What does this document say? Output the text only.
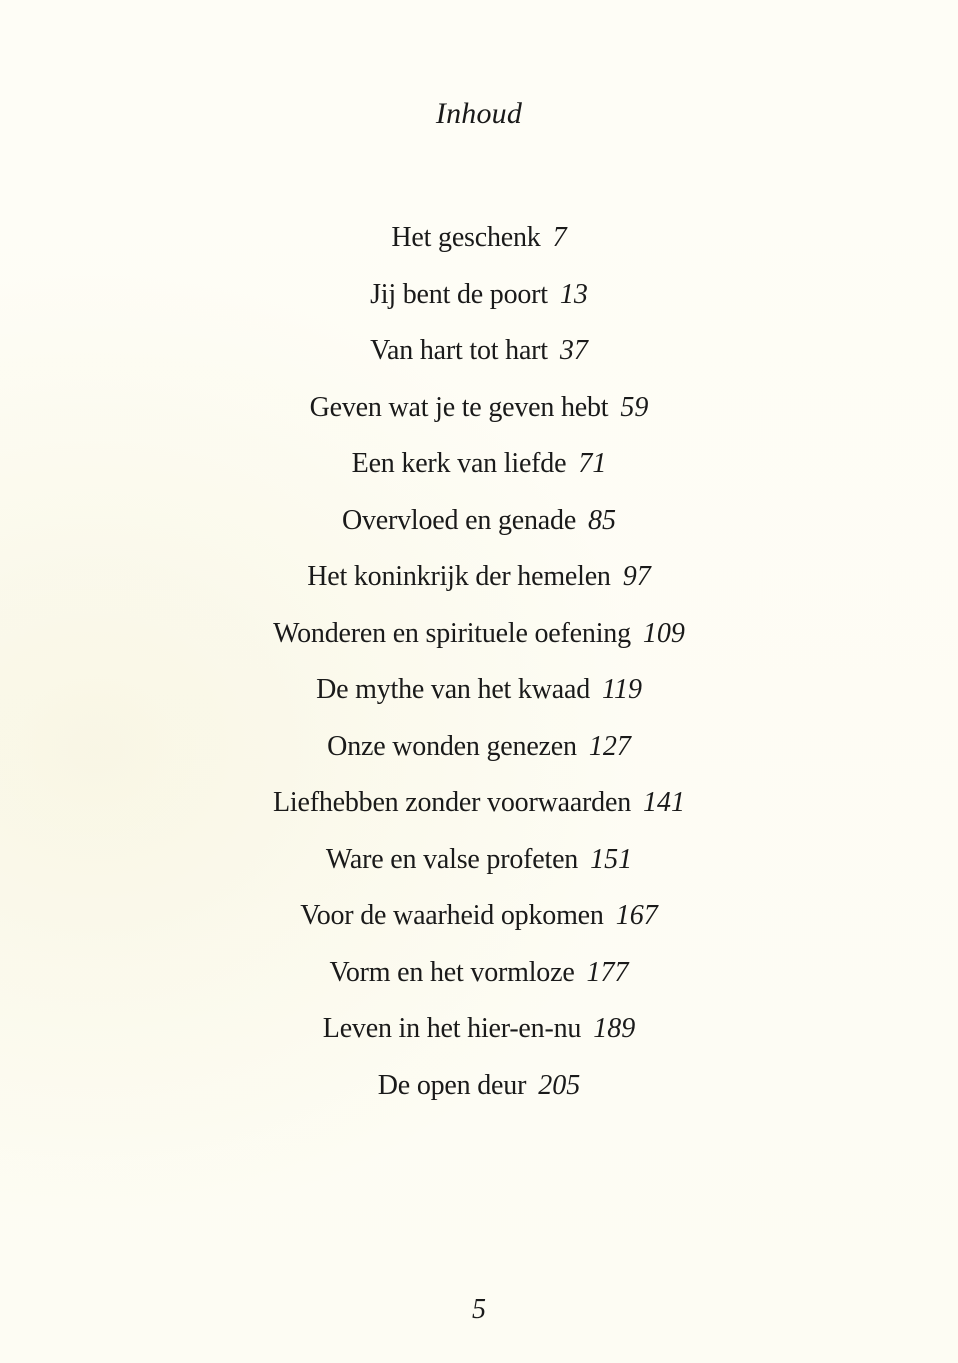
Inhoud
Het geschenk 7
Jij bent de poort 13
Van hart tot hart 37
Geven wat je te geven hebt 59
Een kerk van liefde 71
Overvloed en genade 85
Het koninkrijk der hemelen 97
Wonderen en spirituele oefening 109
De mythe van het kwaad 119
Onze wonden genezen 127
Liefhebben zonder voorwaarden 141
Ware en valse profeten 151
Voor de waarheid opkomen 167
Vorm en het vormloze 177
Leven in het hier-en-nu 189
De open deur 205
5
